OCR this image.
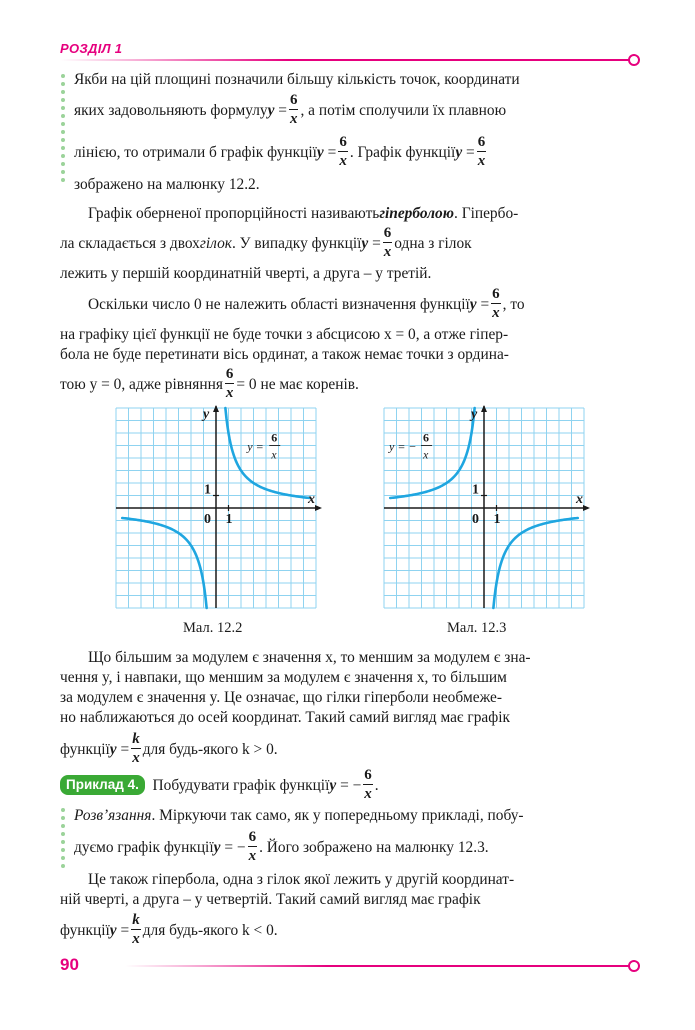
РОЗДІЛ 1
Якби на цій площині позначили більшу кількість точок, координати
яких задовольняють формулу y
= $\frac{6}{x}$ , а потім сполучили їх плавною
лінією, то отримали б графік функції y
= $\frac{6}{x}$ . Графік функції y
= $\frac{6}{x}$
зображено на малюнку 12.2.
Графік оберненої пропорційності називають гіперболою . Гіпербо-
ла складається з двох гілок . У випадку функції y
= $\frac{6}{x}$ одна з гілок
лежить у першій координатній чверті, а друга – у третій.
Оскільки число 0 не належить області визначення функції y
= $\frac{6}{x}$ , то
на графіку цієї функції не буде точки з абсцисою x = 0, а отже гіпер-
бола не буде перетинати вісь ординат, а також немає точки з ордина-
тою y = 0, адже рівняння $\frac{6}{x} = 0$ не має коренів.
x
y
0 1
1
y =
6
x
x
y
0 1
1
y = −
6
x
Мал. 12.2	Мал. 12.3
Що більшим за модулем є значення x, то меншим за модулем є зна-
чення y, і навпаки, що меншим за модулем є значення x, то більшим
за модулем є значення y. Це означає, що гілки гіперболи необмеже-
но наближаються до осей координат. Такий самий вигляд має графік
функції y
= $\frac{k}{x}$ для будь-якого k > 0.
Приклад 4.
Побудувати графік функції y
=
− $\frac{6}{x}$ .
Розв’язання . Міркуючи так само, як у попередньому прикладі, побу-
дуємо графік функції y
=
− $\frac{6}{x}$ . Його зображено на малюнку 12.3.
Це також гіпербола, одна з гілок якої лежить у другій координат-
ній чверті, а друга – у четвертій. Такий самий вигляд має графік
функції y
= $\frac{k}{x}$ для будь-якого k < 0.
90
